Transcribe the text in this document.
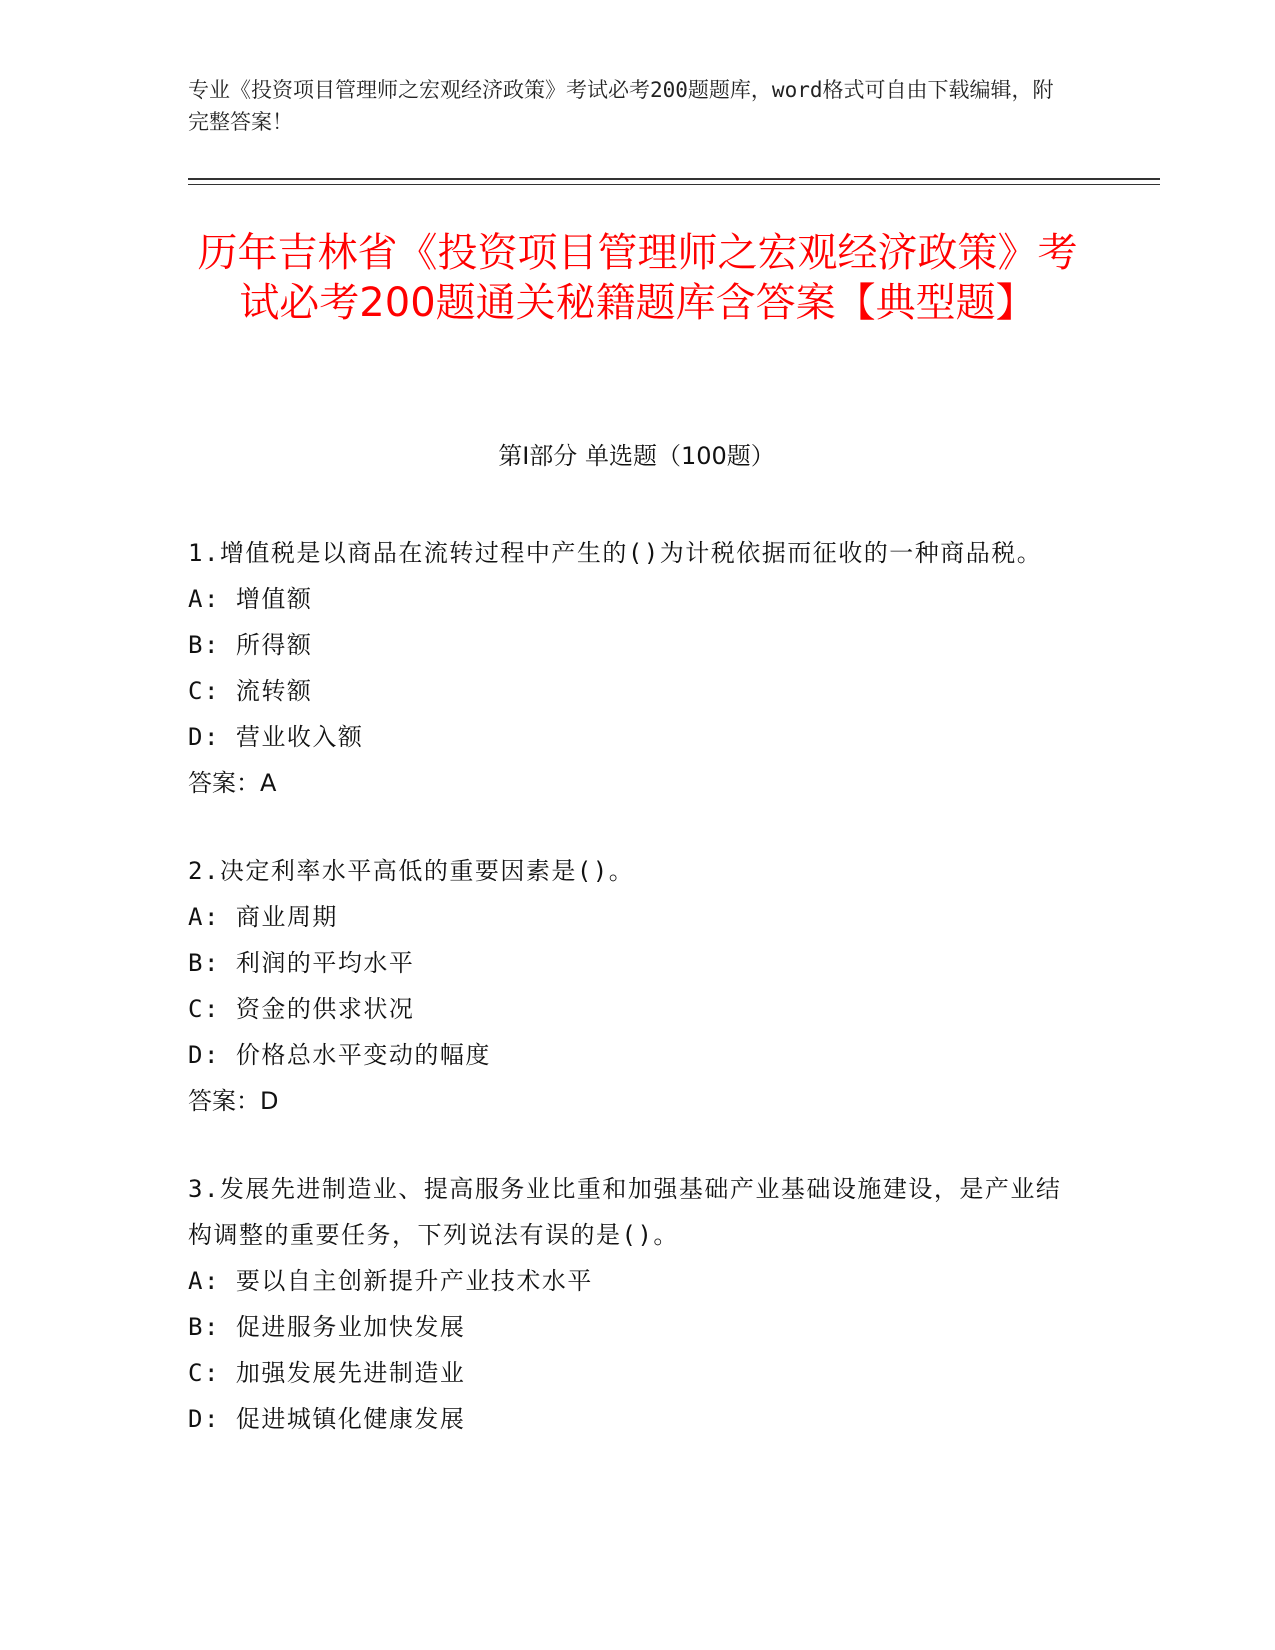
专业《投资项目管理师之宏观经济政策》考试必考200题题库，word格式可自由下载编辑，附完整答案！
历年吉林省《投资项目管理师之宏观经济政策》考试必考200题通关秘籍题库含答案【典型题】
第I部分 单选题（100题）
1.增值税是以商品在流转过程中产生的()为计税依据而征收的一种商品税。
A: 增值额
B: 所得额
C: 流转额
D: 营业收入额
答案：A
2.决定利率水平高低的重要因素是()。
A: 商业周期
B: 利润的平均水平
C: 资金的供求状况
D: 价格总水平变动的幅度
答案：D
3.发展先进制造业、提高服务业比重和加强基础产业基础设施建设，是产业结构调整的重要任务，下列说法有误的是()。
A: 要以自主创新提升产业技术水平
B: 促进服务业加快发展
C: 加强发展先进制造业
D: 促进城镇化健康发展
